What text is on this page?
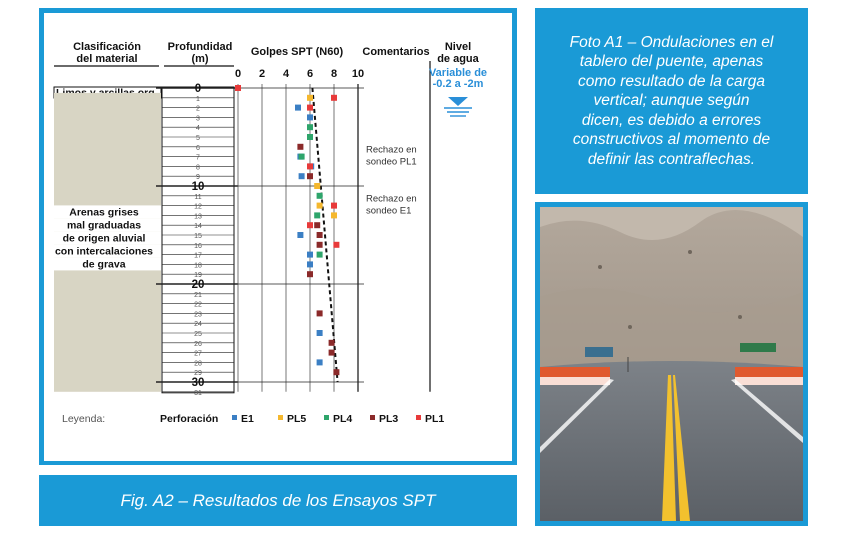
Clasificación
del material
Profundidad
(m)
Golpes SPT (N60) Comentarios Nivel
de agua
Arenas grises
mal graduadas
de origen aluvial
con intercalaciones
de grava
0
1
2
3
4
5
6
7
8
9
10
11
12
13
14
15
16
17
18
19
20
21
22
23
24
25
26
27
28
29
30
31
0 2 4 6 8 10
Rechazo en
sondeo PL1
Rechazo en
sondeo E1
Variable de
-0.2 a -2m
Leyenda:	Perforación E1	PL5	PL4	PL3	PL1
Fig. A2 – Resultados de los Ensayos SPT
Foto A1 – Ondulaciones en el
tablero del puente, apenas
como resultado de la carga
vertical; aunque según
dicen, es debido a errores
constructivos al momento de
definir las contraflechas.
